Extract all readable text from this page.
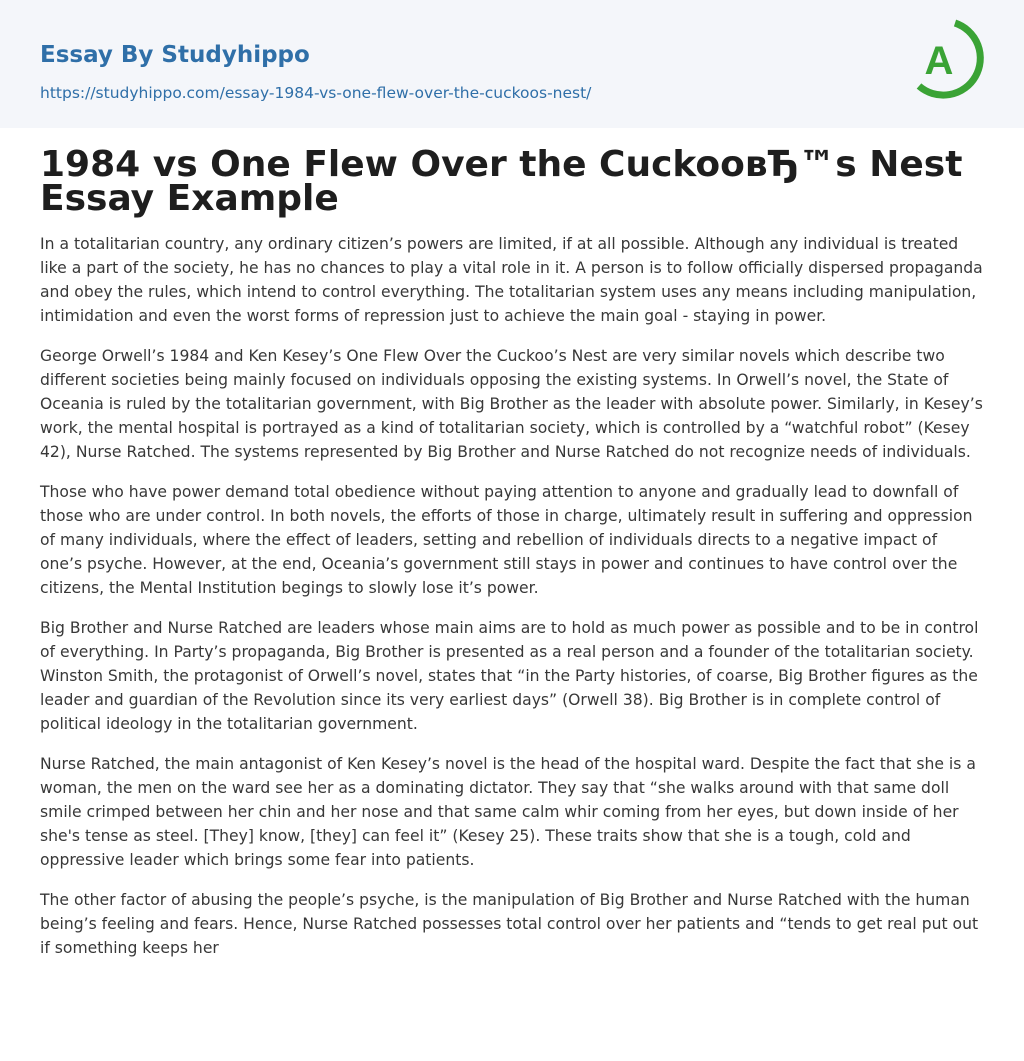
Essay By Studyhippo
https://studyhippo.com/essay-1984-vs-one-flew-over-the-cuckoos-nest/
A
1984 vs One Flew Over the CuckooвЂ™s Nest Essay Example

In a totalitarian country, any ordinary citizen’s powers are limited, if at all possible. Although any individual is treated like a part of the society, he has no chances to play a vital role in it. A person is to follow officially dispersed propaganda and obey the rules, which intend to control everything. The totalitarian system uses any means including manipulation, intimidation and even the worst forms of repression just to achieve the main goal - staying in power.

George Orwell’s 1984 and Ken Kesey’s One Flew Over the Cuckoo’s Nest are very similar novels which describe two different societies being mainly focused on individuals opposing the existing systems. In Orwell’s novel, the State of Oceania is ruled by the totalitarian government, with Big Brother as the leader with absolute power. Similarly, in Kesey’s work, the mental hospital is portrayed as a kind of totalitarian society, which is controlled by a “watchful robot” (Kesey 42), Nurse Ratched. The systems represented by Big Brother and Nurse Ratched do not recognize needs of individuals.

Those who have power demand total obedience without paying attention to anyone and gradually lead to downfall of those who are under control. In both novels, the efforts of those in charge, ultimately result in suffering and oppression of many individuals, where the effect of leaders, setting and rebellion of individuals directs to a negative impact of one’s psyche. However, at the end, Oceania’s government still stays in power and continues to have control over the citizens, the Mental Institution begings to slowly lose it’s power.

Big Brother and Nurse Ratched are leaders whose main aims are to hold as much power as possible and to be in control of everything. In Party’s propaganda, Big Brother is presented as a real person and a founder of the totalitarian society. Winston Smith, the protagonist of Orwell’s novel, states that “in the Party histories, of coarse, Big Brother figures as the leader and guardian of the Revolution since its very earliest days” (Orwell 38). Big Brother is in complete control of political ideology in the totalitarian government.

Nurse Ratched, the main antagonist of Ken Kesey’s novel is the head of the hospital ward. Despite the fact that she is a woman, the men on the ward see her as a dominating dictator. They say that “she walks around with that same doll smile crimped between her chin and her nose and that same calm whir coming from her eyes, but down inside of her she's tense as steel. [They] know, [they] can feel it” (Kesey 25). These traits show that she is a tough, cold and oppressive leader which brings some fear into patients.

The other factor of abusing the people’s psyche, is the manipulation of Big Brother and Nurse Ratched with the human being’s feeling and fears. Hence, Nurse Ratched possesses total control over her patients and “tends to get real put out if something keeps her
